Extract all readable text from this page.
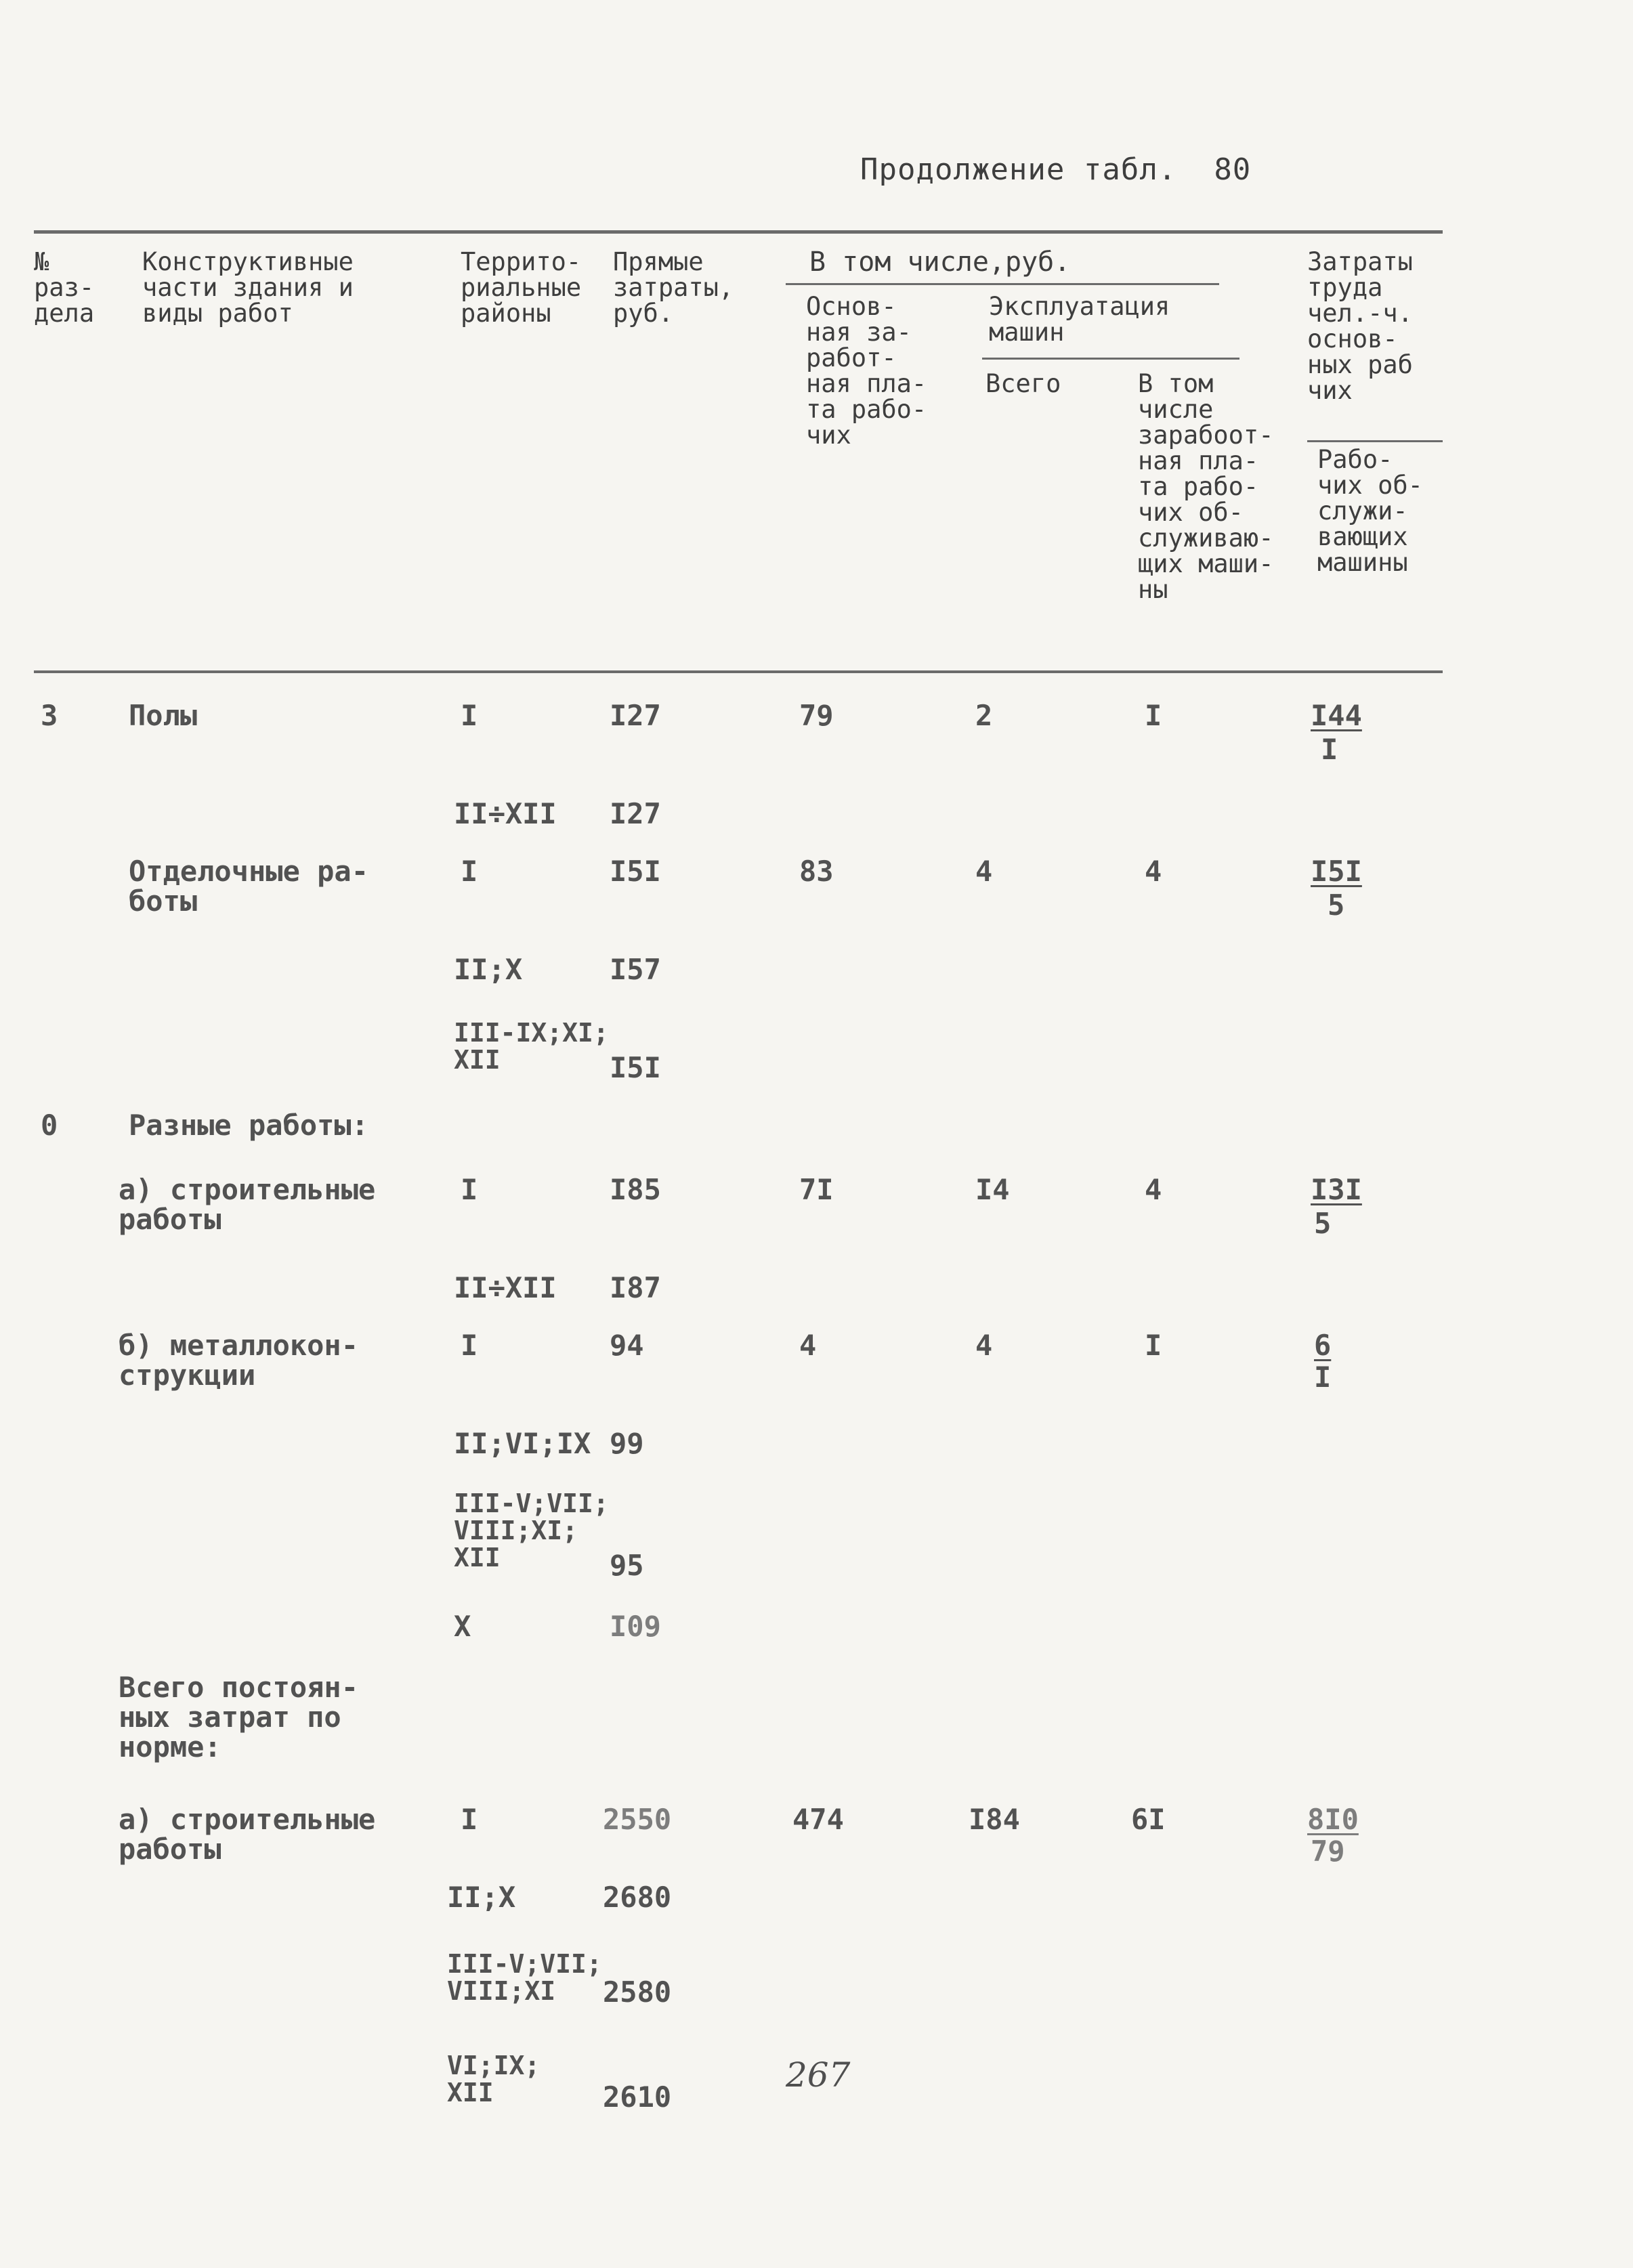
Продолжение табл.  80
№
раз-
дела
Конструктивные
части здания и
виды работ
Террито-
риальные
районы
Прямые
затраты,
руб.
В том числе,руб.
Основ-
ная за-
работ-
ная пла-
та рабо-
чих
Эксплуатация
машин
Всего	В том
числе
зарабоот-
ная пла-
та рабо-
чих об-
служиваю-
щих маши-
ны
Затраты
труда
чел.-ч.
основ-
ных раб
чих
Рабо-
чих об-
служи-
вающих
машины
3 Полы	I	I27	79	2	I	I44
I
II÷XII I27
Отделочные ра-
боты
I	I5I	83	4	4	I5I
5
II;X	I57
III-IX;XI;
XII	I5I
0 Разные работы:
а) строительные
работы
I	I85	7I	I4	4	I3I
5
II÷XII I87
б) металлокон-
струкции
I	94	4	4	I	6
I
II;VI;IX 99
III-V;VII;
VIII;XI;
XII	95
X	I09
Всего постоян-
ных затрат по
норме:
а) строительные
работы
I	2550	474	I84	6I	8I0
79
II;X	2680
III-V;VII;
VIII;XI	2580
VI;IX;
XII	2610
267
